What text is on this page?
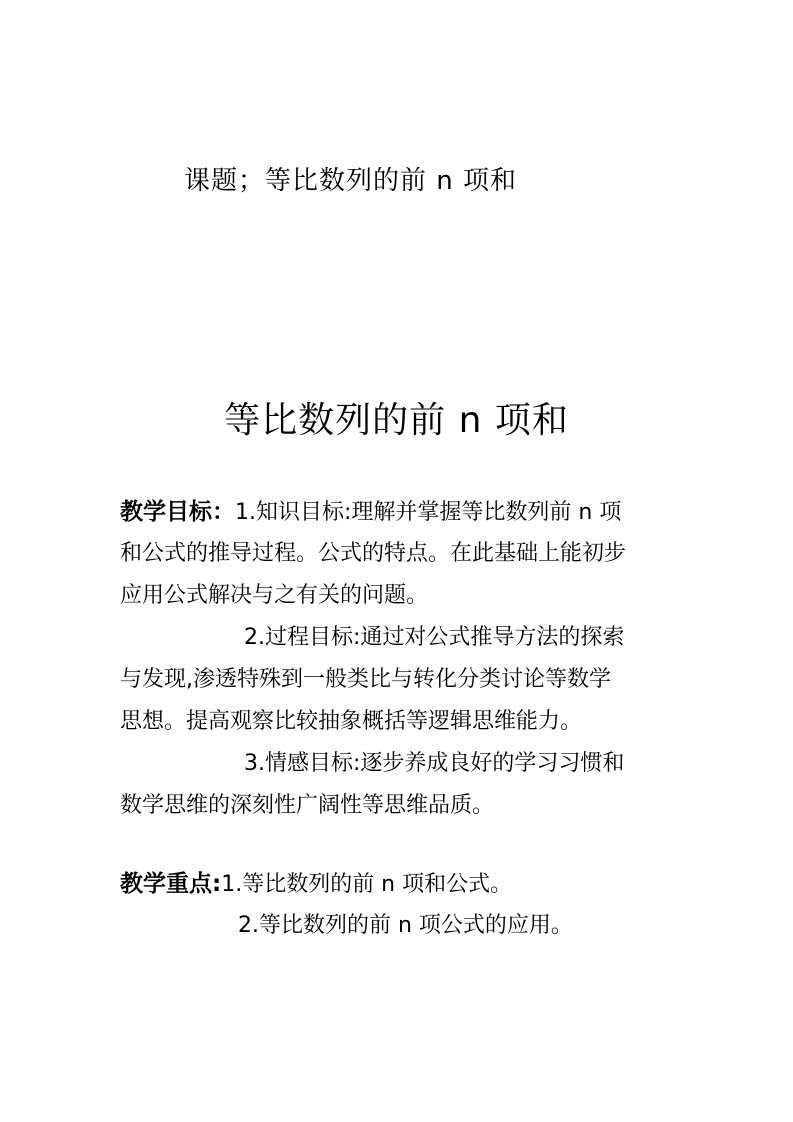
课题；等比数列的前 n 项和
等比数列的前 n 项和
教学目标：1.知识目标:理解并掌握等比数列前 n 项
和公式的推导过程。公式的特点。在此基础上能初步
应用公式解决与之有关的问题。
2.过程目标:通过对公式推导方法的探索
与发现,渗透特殊到一般类比与转化分类讨论等数学
思想。提高观察比较抽象概括等逻辑思维能力。
3.情感目标:逐步养成良好的学习习惯和
数学思维的深刻性广阔性等思维品质。
教学重点:1.等比数列的前 n 项和公式。
2.等比数列的前 n 项公式的应用。
